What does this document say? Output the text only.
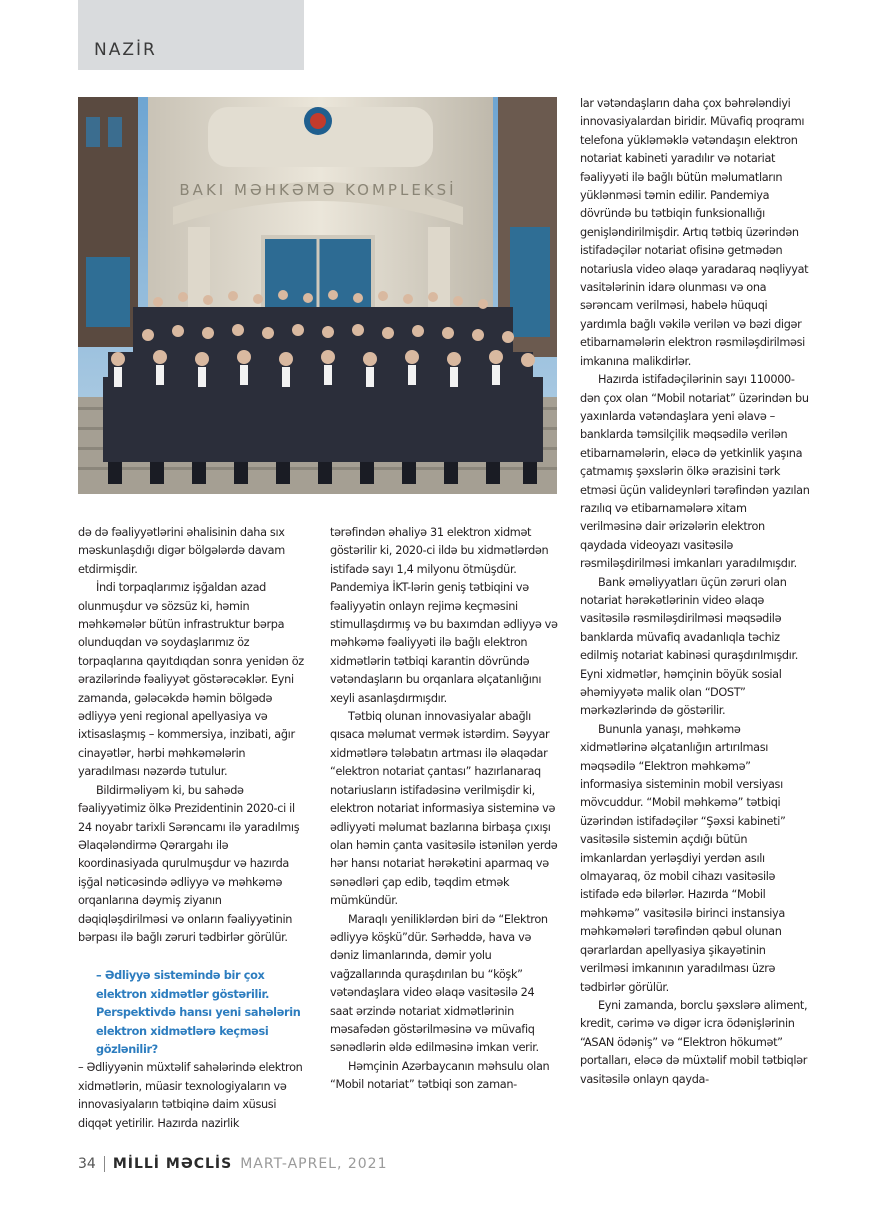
NAZİR
BAKI MƏHKƏMƏ KOMPLEKSİ

də də fəaliyyətlərini əhalisinin daha sıx məskunlaşdığı digər bölgələrdə davam etdirmişdir.

İndi torpaqlarımız işğaldan azad olunmuşdur və sözsüz ki, həmin məhkəmələr bütün infrastruktur bərpa olunduqdan və soydaşlarımız öz torpaqlarına qayıtdıqdan sonra yenidən öz ərazilərində fəaliyyət göstərəcəklər. Eyni zamanda, gələcəkdə həmin bölgədə ədliyyə yeni regional apellyasiya və ixtisaslaşmış – kommersiya, inzibati, ağır cinayətlər, hərbi məhkəmələrin yaradılması nəzərdə tutulur.

Bildirməliyəm ki, bu sahədə fəaliyyətimiz ölkə Prezidentinin 2020-ci il 24 noyabr tarixli Sərəncamı ilə yaradılmış Əlaqələndirmə Qərargahı ilə koordinasiyada qurulmuşdur və hazırda işğal nəticəsində ədliyyə və məhkəmə orqanlarına dəymiş ziyanın dəqiqləşdirilməsi və onların fəaliyyətinin bərpası ilə bağlı zəruri tədbirlər görülür.

– Ədliyyə sistemində bir çox elektron xidmətlər göstərilir. Perspektivdə hansı yeni sahələrin elektron xidmətlərə keçməsi gözlənilir?

– Ədliyyənin müxtəlif sahələrində elektron xidmətlərin, müasir texnologiyaların və innovasiyaların tətbiqinə daim xüsusi diqqət yetirilir. Hazırda nazirlik

tərəfindən əhaliyə 31 elektron xidmət göstərilir ki, 2020-ci ildə bu xidmətlərdən istifadə sayı 1,4 milyonu ötmüşdür. Pandemiya İKT-lərin geniş tətbiqini və fəaliyyətin onlayn rejimə keçməsini stimullaşdırmış və bu baxımdan ədliyyə və məhkəmə fəaliyyəti ilə bağlı elektron xidmətlərin tətbiqi karantin dövründə vətəndaşların bu orqanlara əlçatanlığını xeyli asanlaşdırmışdır.

Tətbiq olunan innovasiyalar abağlı qısaca məlumat vermək istərdim. Səyyar xidmətlərə tələbatın artması ilə əlaqədar “elektron notariat çantası” hazırlanaraq notariusların istifadəsinə verilmişdir ki, elektron notariat informasiya sisteminə və ədliyyəti məlumat bazlarına birbaşa çıxışı olan həmin çanta vasitəsilə istənilən yerdə hər hansı notariat hərəkətini aparmaq və sənədləri çap edib, təqdim etmək mümkündür.

Maraqlı yeniliklərdən biri də “Elektron ədliyyə köşkü”dür. Sərhəddə, hava və dəniz limanlarında, dəmir yolu vağzallarında quraşdırılan bu “köşk” vətəndaşlara video əlaqə vasitəsilə 24 saat ərzində notariat xidmətlərinin məsafədən göstərilməsinə və müvafiq sənədlərin əldə edilməsinə imkan verir.

Həmçinin Azərbaycanın məhsulu olan “Mobil notariat” tətbiqi son zaman-

lar vətəndaşların daha çox bəhrələndiyi innovasiyalardan biridir. Müvafiq proqramı telefona yükləməklə vətəndaşın elektron notariat kabineti yaradılır və notariat fəaliyyəti ilə bağlı bütün məlumatların yüklənməsi təmin edilir. Pandemiya dövründə bu tətbiqin funksionallığı genişləndirilmişdir. Artıq tətbiq üzərindən istifadəçilər notariat ofisinə getmədən notariusla video əlaqə yaradaraq nəqliyyat vasitələrinin idarə olunması və ona sərəncam verilməsi, habelə hüquqi yardımla bağlı vəkilə verilən və bəzi digər etibarnamələrin elektron rəsmiləşdirilməsi imkanına malikdirlər.

Hazırda istifadəçilərinin sayı 110000-dən çox olan “Mobil notariat” üzərindən bu yaxınlarda vətəndaşlara yeni əlavə – banklarda təmsilçilik məqsədilə verilən etibarnamələrin, eləcə də yetkinlik yaşına çatmamış şəxslərin ölkə ərazisini tərk etməsi üçün valideynləri tərəfindən yazılan razılıq və etibarnamələrə xitam verilməsinə dair ərizələrin elektron qaydada videoyazı vasitəsilə rəsmiləşdirilməsi imkanları yaradılmışdır.

Bank əməliyyatları üçün zəruri olan notariat hərəkətlərinin video əlaqə vasitəsilə rəsmiləşdirilməsi məqsədilə banklarda müvafiq avadanlıqla təchiz edilmiş notariat kabinəsi quraşdırılmışdır. Eyni xidmətlər, həmçinin böyük sosial əhəmiyyətə malik olan “DOST” mərkəzlərində də göstərilir.

Bununla yanaşı, məhkəmə xidmətlərinə əlçatanlığın artırılması məqsədilə “Elektron məhkəmə” informasiya sisteminin mobil versiyası mövcuddur. “Mobil məhkəmə” tətbiqi üzərindən istifadəçilər “Şəxsi kabineti” vasitəsilə sistemin açdığı bütün imkanlardan yerləşdiyi yerdən asılı olmayaraq, öz mobil cihazı vasitəsilə istifadə edə bilərlər. Hazırda “Mobil məhkəmə” vasitəsilə birinci instansiya məhkəmələri tərəfindən qəbul olunan qərarlardan apellyasiya şikayətinin verilməsi imkanının yaradılması üzrə tədbirlər görülür.

Eyni zamanda, borclu şəxslərə aliment, kredit, cərimə və digər icra ödənişlərinin “ASAN ödəniş” və “Elektron hökumət” portalları, eləcə də müxtəlif mobil tətbiqlər vasitəsilə onlayn qayda-

34 MİLLİ MƏCLİS MART-APREL, 2021
